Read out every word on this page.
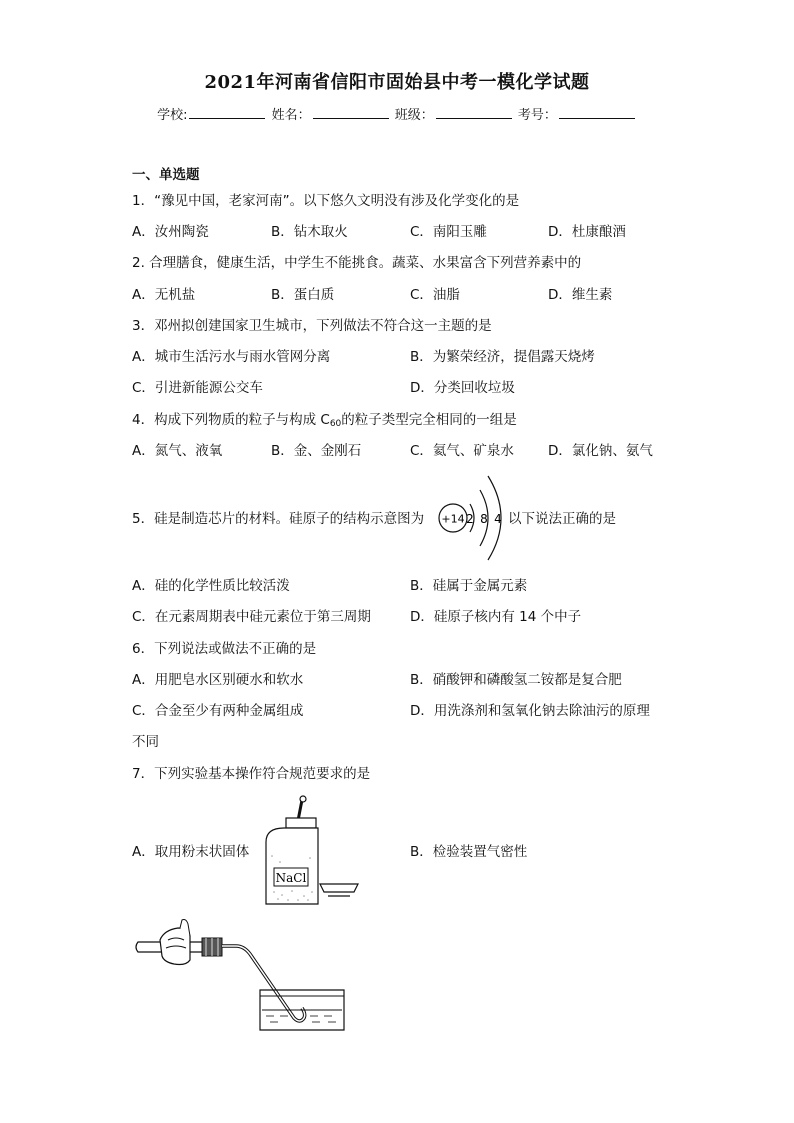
2021年河南省信阳市固始县中考一模化学试题
学校:	姓名：	班级：	考号：
一、单选题
1．“豫见中国，老家河南”。以下悠久文明没有涉及化学变化的是
A．汝州陶瓷	B．钻木取火	C．南阳玉雕	D．杜康酿酒
2. 合理膳食，健康生活，中学生不能挑食。蔬菜、水果富含下列营养素中的
A．无机盐	B．蛋白质	C．油脂	D．维生素
3．邓州拟创建国家卫生城市，下列做法不符合这一主题的是
A．城市生活污水与雨水管网分离	B．为繁荣经济，提倡露天烧烤
C．引进新能源公交车	D．分类回收垃圾
4．构成下列物质的粒子与构成 $C_{60}$的粒子类型完全相同的一组是
A．氮气、液氧	B．金、金刚石	C．氦气、矿泉水	D．氯化钠、氨气
5．硅是制造芯片的材料。硅原子的结构示意图为 +14 2 8 4 以下说法正确的是
A．硅的化学性质比较活泼	B．硅属于金属元素
C．在元素周期表中硅元素位于第三周期	D．硅原子核内有 14 个中子
6．下列说法或做法不正确的是
A．用肥皂水区别硬水和软水	B．硝酸钾和磷酸氢二铵都是复合肥
C．合金至少有两种金属组成	D．用洗涤剂和氢氧化钠去除油污的原理
不同
7．下列实验基本操作符合规范要求的是
A．取用粉末状固体
NaCl
B．检验装置气密性
